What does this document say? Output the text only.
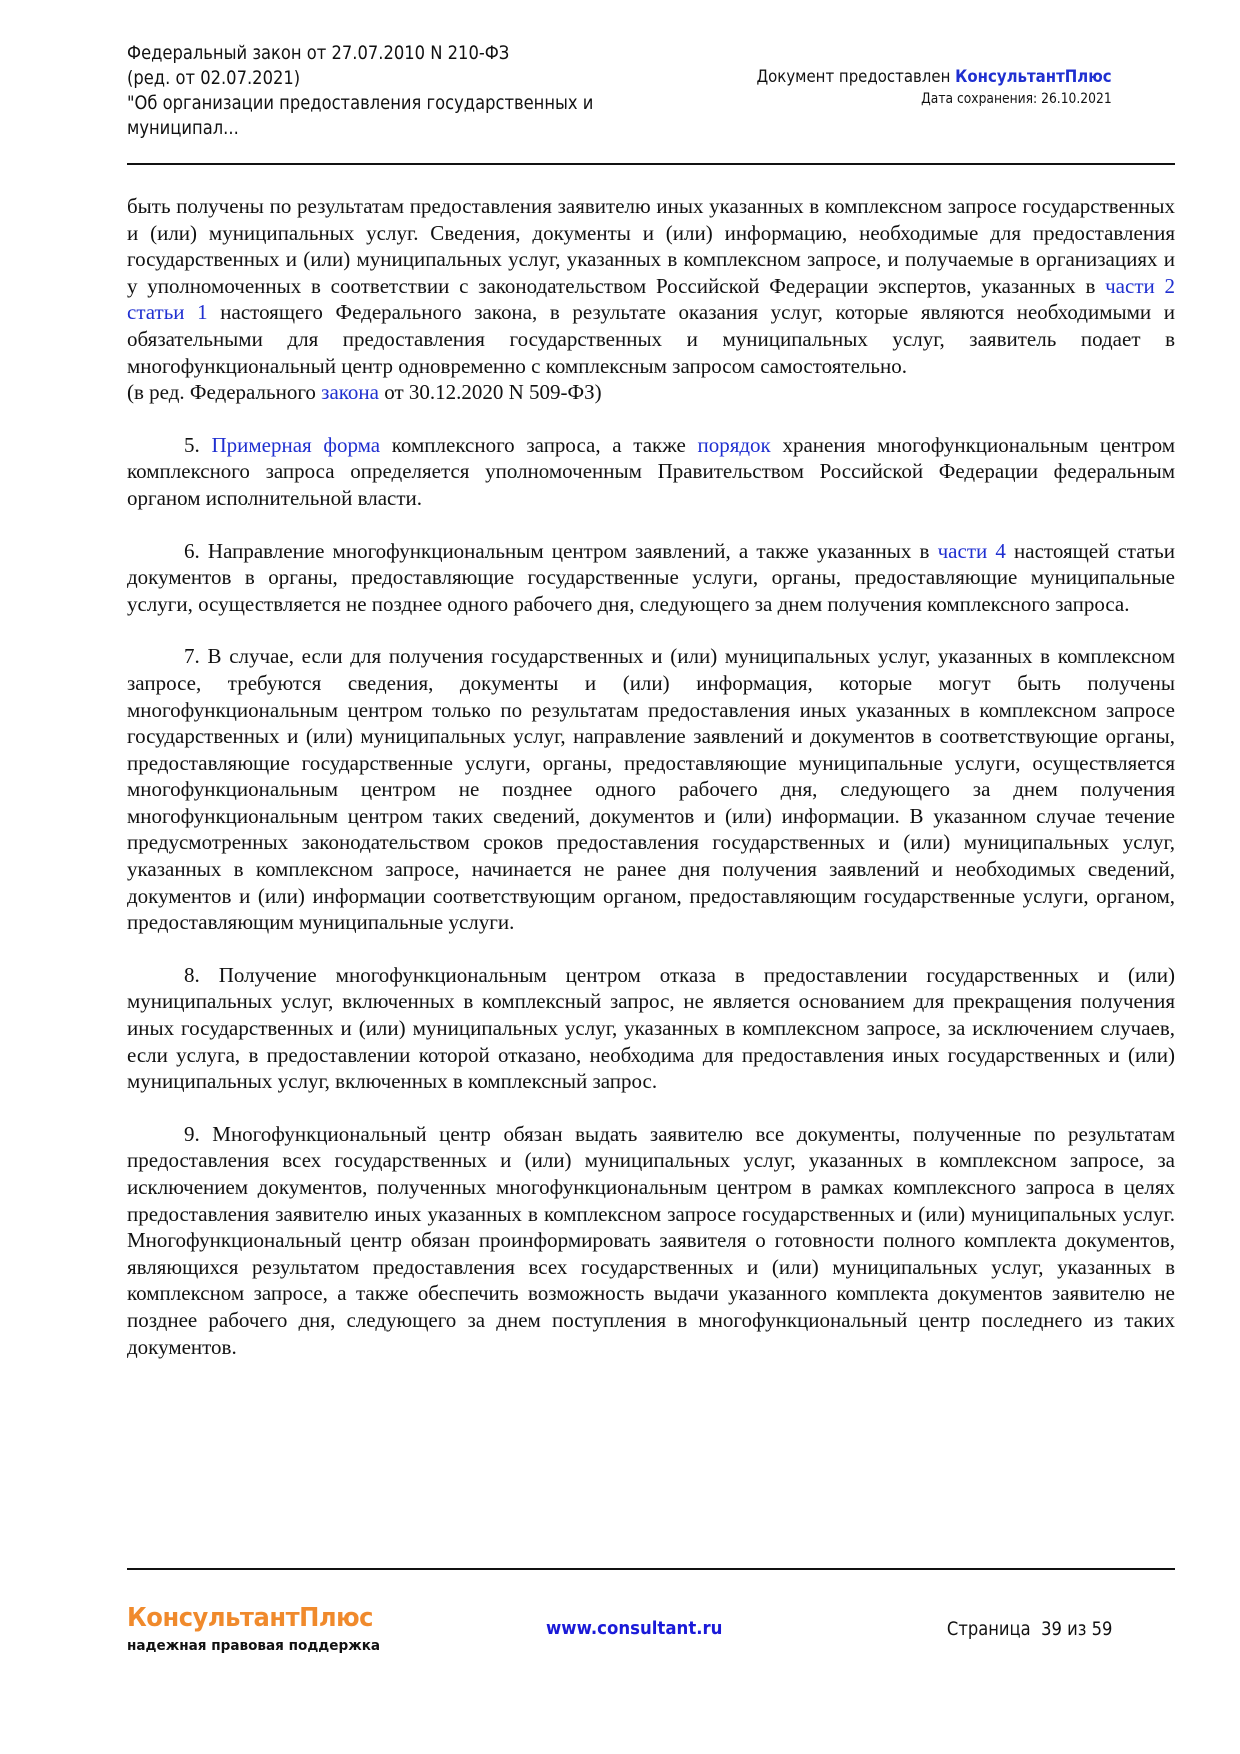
Федеральный закон от 27.07.2010 N 210-ФЗ
(ред. от 02.07.2021)
"Об организации предоставления государственных и
муниципал...
Документ предоставлен КонсультантПлюс
Дата сохранения: 26.10.2021

быть получены по результатам предоставления заявителю иных указанных в комплексном запросе государственных и (или) муниципальных услуг. Сведения, документы и (или) информацию, необходимые для предоставления государственных и (или) муниципальных услуг, указанных в комплексном запросе, и получаемые в организациях и у уполномоченных в соответствии с законодательством Российской Федерации экспертов, указанных в части 2 статьи 1 настоящего Федерального закона, в результате оказания услуг, которые являются необходимыми и обязательными для предоставления государственных и муниципальных услуг, заявитель подает в многофункциональный центр одновременно с комплексным запросом самостоятельно.

(в ред. Федерального закона от 30.12.2020 N 509-ФЗ)

5. Примерная форма комплексного запроса, а также порядок хранения многофункциональным центром комплексного запроса определяется уполномоченным Правительством Российской Федерации федеральным органом исполнительной власти.

6. Направление многофункциональным центром заявлений, а также указанных в части 4 настоящей статьи документов в органы, предоставляющие государственные услуги, органы, предоставляющие муниципальные услуги, осуществляется не позднее одного рабочего дня, следующего за днем получения комплексного запроса.

7. В случае, если для получения государственных и (или) муниципальных услуг, указанных в комплексном запросе, требуются сведения, документы и (или) информация, которые могут быть получены многофункциональным центром только по результатам предоставления иных указанных в комплексном запросе государственных и (или) муниципальных услуг, направление заявлений и документов в соответствующие органы, предоставляющие государственные услуги, органы, предоставляющие муниципальные услуги, осуществляется многофункциональным центром не позднее одного рабочего дня, следующего за днем получения многофункциональным центром таких сведений, документов и (или) информации. В указанном случае течение предусмотренных законодательством сроков предоставления государственных и (или) муниципальных услуг, указанных в комплексном запросе, начинается не ранее дня получения заявлений и необходимых сведений, документов и (или) информации соответствующим органом, предоставляющим государственные услуги, органом, предоставляющим муниципальные услуги.

8. Получение многофункциональным центром отказа в предоставлении государственных и (или) муниципальных услуг, включенных в комплексный запрос, не является основанием для прекращения получения иных государственных и (или) муниципальных услуг, указанных в комплексном запросе, за исключением случаев, если услуга, в предоставлении которой отказано, необходима для предоставления иных государственных и (или) муниципальных услуг, включенных в комплексный запрос.

9. Многофункциональный центр обязан выдать заявителю все документы, полученные по результатам предоставления всех государственных и (или) муниципальных услуг, указанных в комплексном запросе, за исключением документов, полученных многофункциональным центром в рамках комплексного запроса в целях предоставления заявителю иных указанных в комплексном запросе государственных и (или) муниципальных услуг. Многофункциональный центр обязан проинформировать заявителя о готовности полного комплекта документов, являющихся результатом предоставления всех государственных и (или) муниципальных услуг, указанных в комплексном запросе, а также обеспечить возможность выдачи указанного комплекта документов заявителю не позднее рабочего дня, следующего за днем поступления в многофункциональный центр последнего из таких документов.

КонсультантПлюс
надежная правовая поддержка
www.consultant.ru	Страница 39 из 59
